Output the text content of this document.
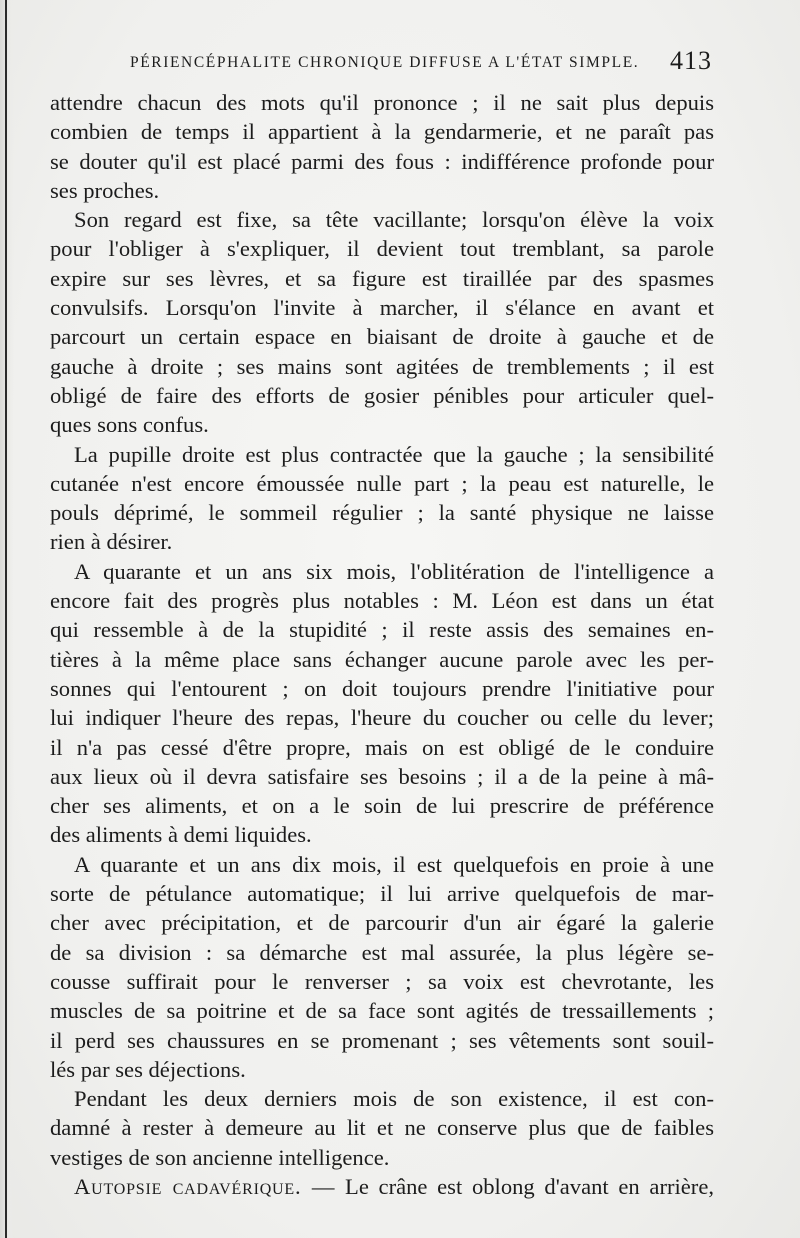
PÉRIENCÉPHALITE CHRONIQUE DIFFUSE A L'ÉTAT SIMPLE. 413
attendre chacun des mots qu'il prononce ; il ne sait plus depuis
combien de temps il appartient à la gendarmerie, et ne paraît pas
se douter qu'il est placé parmi des fous : indifférence profonde pour
ses proches.
Son regard est fixe, sa tête vacillante; lorsqu'on élève la voix
pour l'obliger à s'expliquer, il devient tout tremblant, sa parole
expire sur ses lèvres, et sa figure est tiraillée par des spasmes
convulsifs. Lorsqu'on l'invite à marcher, il s'élance en avant et
parcourt un certain espace en biaisant de droite à gauche et de
gauche à droite ; ses mains sont agitées de tremblements ; il est
obligé de faire des efforts de gosier pénibles pour articuler quel-
ques sons confus.
La pupille droite est plus contractée que la gauche ; la sensibilité
cutanée n'est encore émoussée nulle part ; la peau est naturelle, le
pouls déprimé, le sommeil régulier ; la santé physique ne laisse
rien à désirer.
A quarante et un ans six mois, l'oblitération de l'intelligence a
encore fait des progrès plus notables : M. Léon est dans un état
qui ressemble à de la stupidité ; il reste assis des semaines en-
tières à la même place sans échanger aucune parole avec les per-
sonnes qui l'entourent ; on doit toujours prendre l'initiative pour
lui indiquer l'heure des repas, l'heure du coucher ou celle du lever;
il n'a pas cessé d'être propre, mais on est obligé de le conduire
aux lieux où il devra satisfaire ses besoins ; il a de la peine à mâ-
cher ses aliments, et on a le soin de lui prescrire de préférence
des aliments à demi liquides.
A quarante et un ans dix mois, il est quelquefois en proie à une
sorte de pétulance automatique; il lui arrive quelquefois de mar-
cher avec précipitation, et de parcourir d'un air égaré la galerie
de sa division : sa démarche est mal assurée, la plus légère se-
cousse suffirait pour le renverser ; sa voix est chevrotante, les
muscles de sa poitrine et de sa face sont agités de tressaillements ;
il perd ses chaussures en se promenant ; ses vêtements sont souil-
lés par ses déjections.
Pendant les deux derniers mois de son existence, il est con-
damné à rester à demeure au lit et ne conserve plus que de faibles
vestiges de son ancienne intelligence.
Autopsie cadavérique. — Le crâne est oblong d'avant en arrière,
